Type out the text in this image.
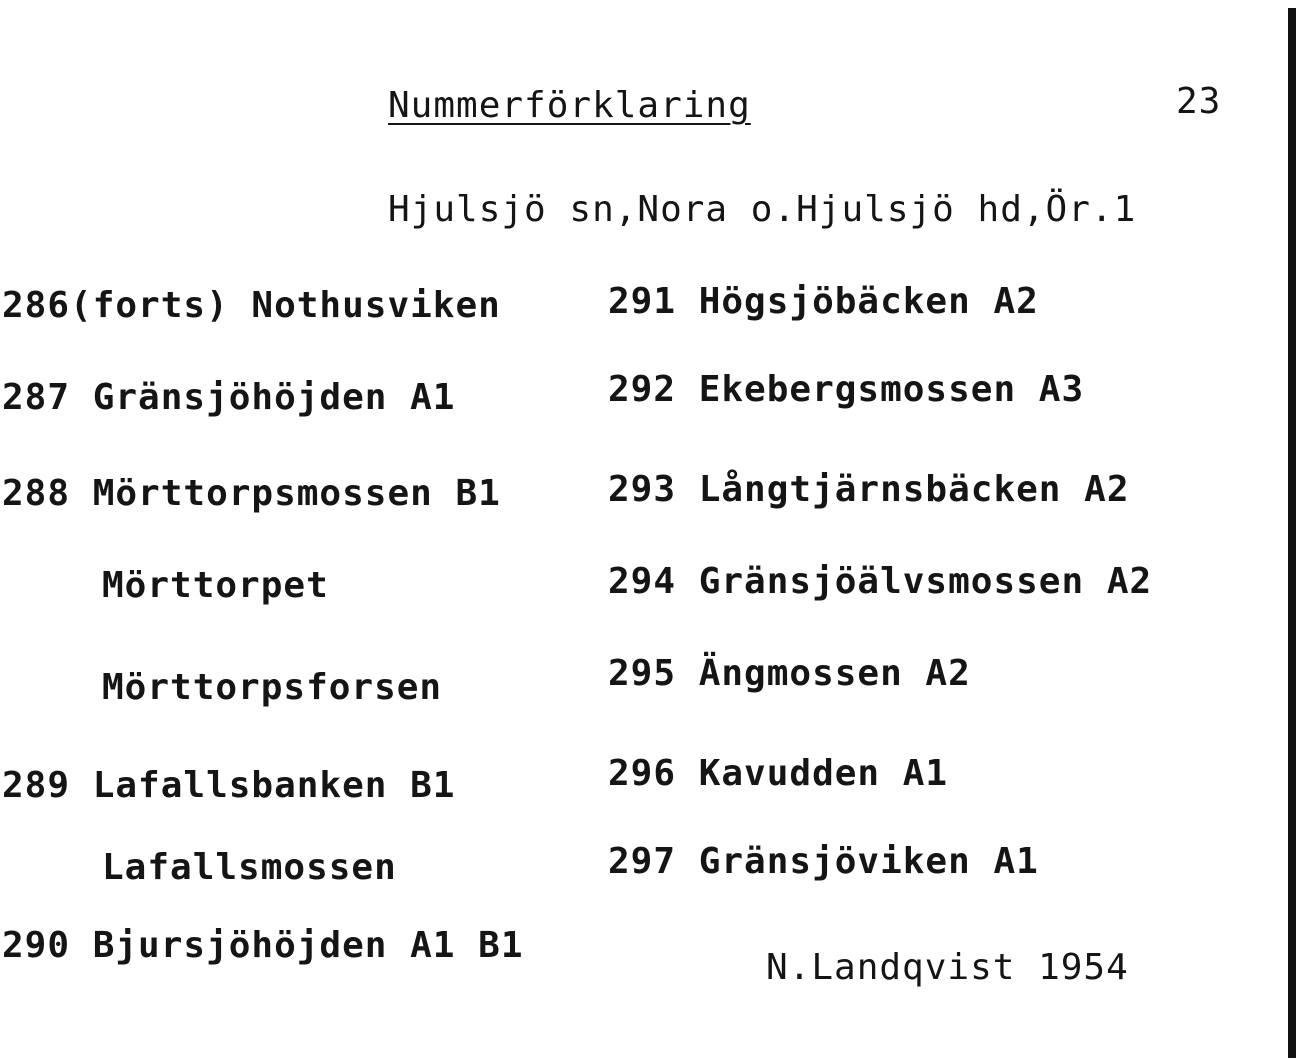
Nummerförklaring	23
Hjulsjö sn,Nora o.Hjulsjö hd,Ör.1
286(forts) Nothusviken
287 Gränsjöhöjden A1
288 Mörttorpsmossen B1
Mörttorpet
Mörttorpsforsen
289 Lafallsbanken B1
Lafallsmossen
290 Bjursjöhöjden A1 B1
291 Högsjöbäcken A2
292 Ekebergsmossen A3
293 Långtjärnsbäcken A2
294 Gränsjöälvsmossen A2
295 Ängmossen A2
296 Kavudden A1
297 Gränsjöviken A1
N.Landqvist 1954
